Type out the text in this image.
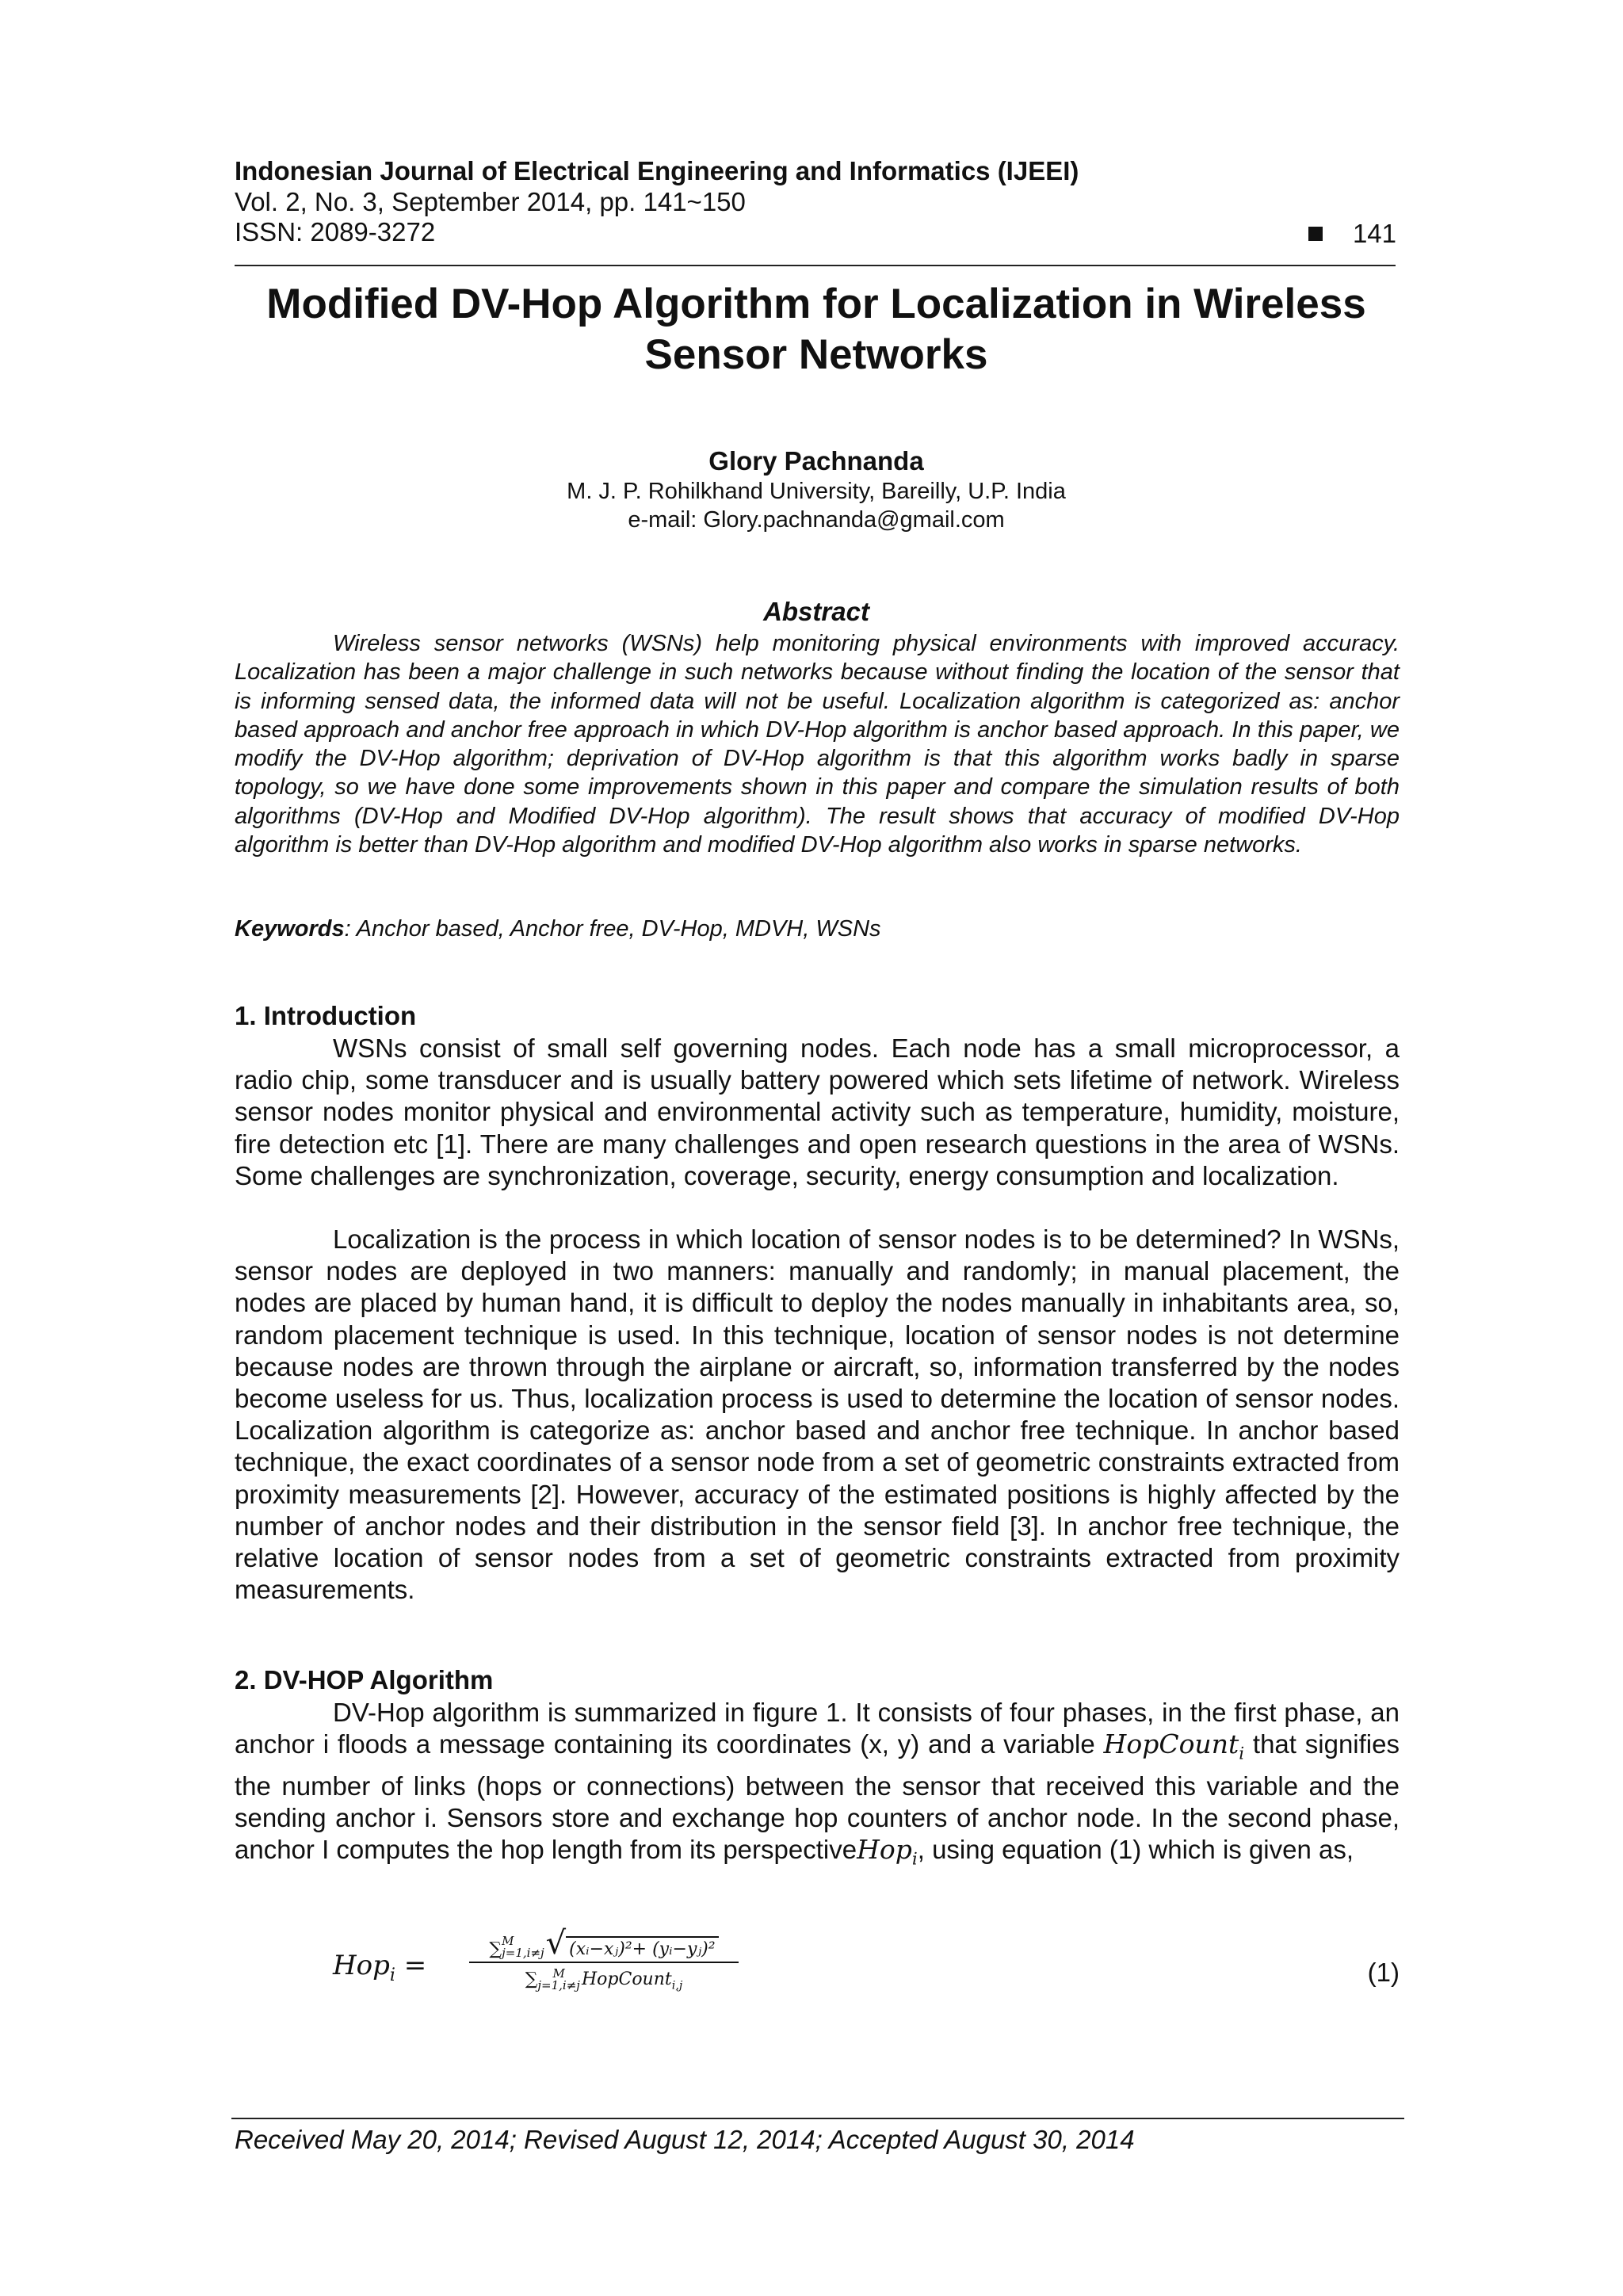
Indonesian Journal of Electrical Engineering and Informatics (IJEEI)
Vol. 2, No. 3, September 2014, pp. 141~150
ISSN: 2089-3272	141
Modified DV-Hop Algorithm for Localization in Wireless Sensor Networks
Glory Pachnanda
M. J. P. Rohilkhand University, Bareilly, U.P. India
e-mail: Glory.pachnanda@gmail.com
Abstract

Wireless sensor networks (WSNs) help monitoring physical environments with improved accuracy. Localization has been a major challenge in such networks because without finding the location of the sensor that is informing sensed data, the informed data will not be useful. Localization algorithm is categorized as: anchor based approach and anchor free approach in which DV-Hop algorithm is anchor based approach. In this paper, we modify the DV-Hop algorithm; deprivation of DV-Hop algorithm is that this algorithm works badly in sparse topology, so we have done some improvements shown in this paper and compare the simulation results of both algorithms (DV-Hop and Modified DV-Hop algorithm). The result shows that accuracy of modified DV-Hop algorithm is better than DV-Hop algorithm and modified DV-Hop algorithm also works in sparse networks.

Keywords: Anchor based, Anchor free, DV-Hop, MDVH, WSNs

1. Introduction

WSNs consist of small self governing nodes. Each node has a small microprocessor, a radio chip, some transducer and is usually battery powered which sets lifetime of network. Wireless sensor nodes monitor physical and environmental activity such as temperature, humidity, moisture, fire detection etc [1]. There are many challenges and open research questions in the area of WSNs. Some challenges are synchronization, coverage, security, energy consumption and localization.

Localization is the process in which location of sensor nodes is to be determined? In WSNs, sensor nodes are deployed in two manners: manually and randomly; in manual placement, the nodes are placed by human hand, it is difficult to deploy the nodes manually in inhabitants area, so, random placement technique is used. In this technique, location of sensor nodes is not determine because nodes are thrown through the airplane or aircraft, so, information transferred by the nodes become useless for us. Thus, localization process is used to determine the location of sensor nodes. Localization algorithm is categorize as: anchor based and anchor free technique. In anchor based technique, the exact coordinates of a sensor node from a set of geometric constraints extracted from proximity measurements [2]. However, accuracy of the estimated positions is highly affected by the number of anchor nodes and their distribution in the sensor field [3]. In anchor free technique, the relative location of sensor nodes from a set of geometric constraints extracted from proximity measurements.

2. DV-HOP Algorithm

DV-Hop algorithm is summarized in figure 1. It consists of four phases, in the first phase, an anchor i floods a message containing its coordinates (x, y) and a variable HopCount$_i$ that signifies the number of links (hops or connections) between the sensor that received this variable and the sending anchor i. Sensors store and exchange hop counters of anchor node. In the second phase, anchor I computes the hop length from its perspectiveHop$_i$, using equation (1) which is given as,

Hop$_i$ =
∑ M
j=1,i≠j √ (xᵢ−xⱼ)²+ (yᵢ−yⱼ)²
∑	M
j=1,i≠j HopCount$_{i,j}$	(1)
Received May 20, 2014; Revised August 12, 2014; Accepted August 30, 2014
